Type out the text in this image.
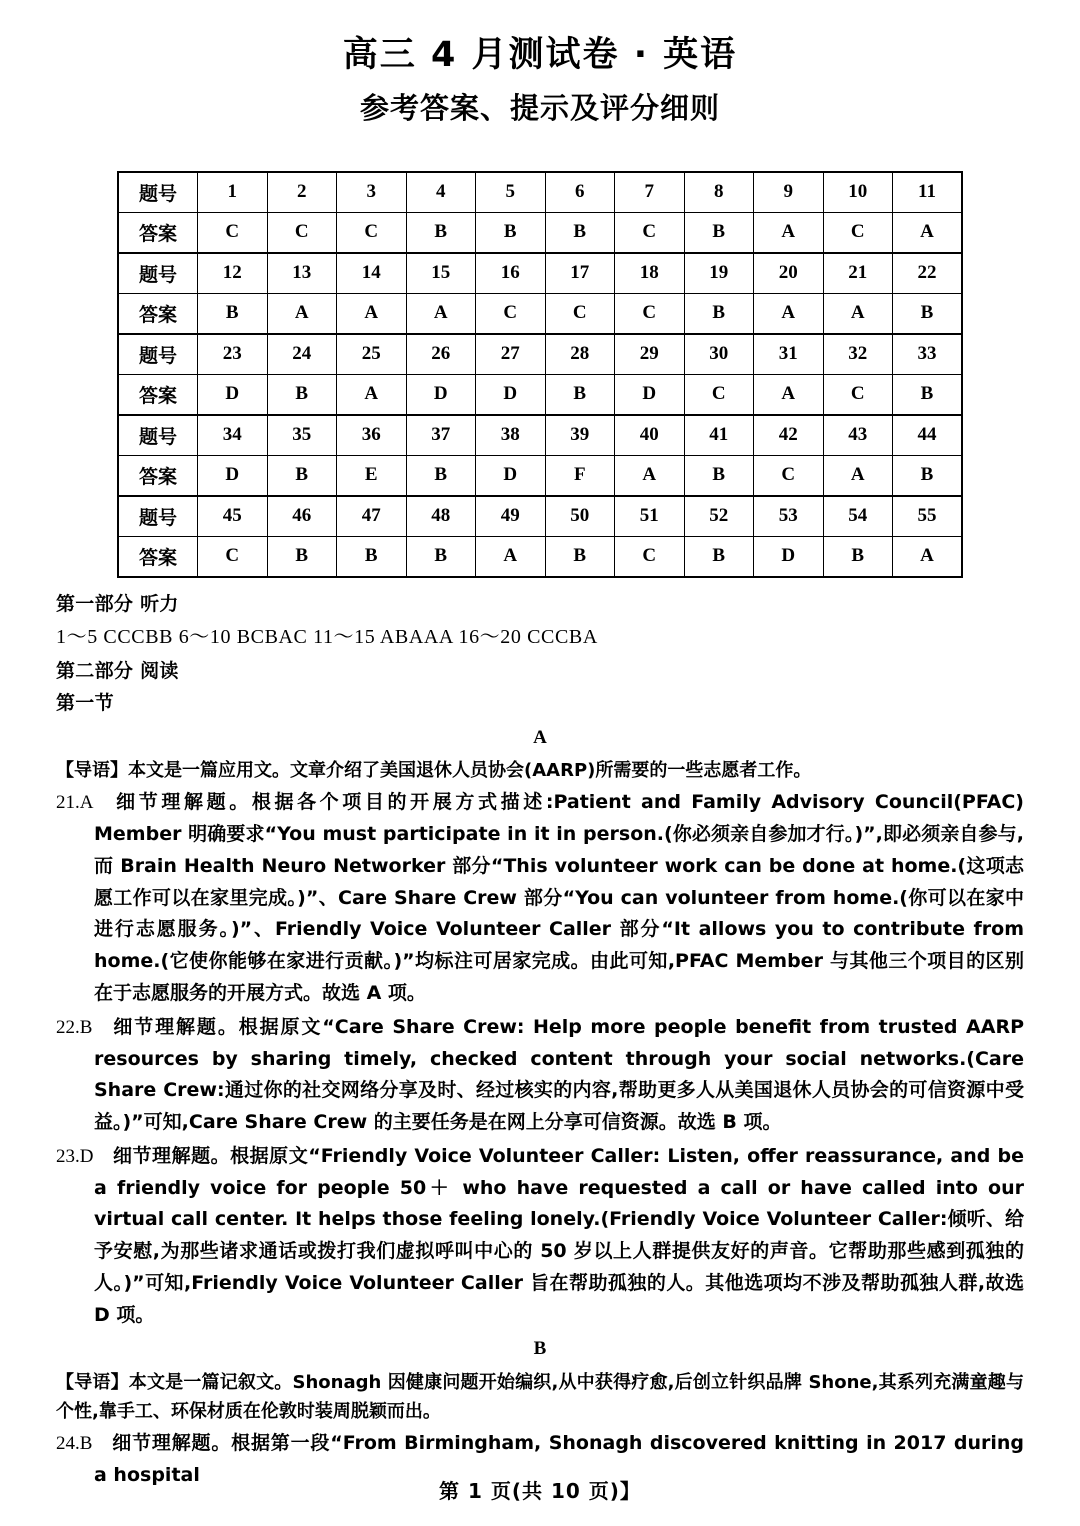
高三 4 月测试卷 · 英语
参考答案、提示及评分细则
题号	1	2	3	4	5	6	7	8	9	10	11
答案	C	C	C	B	B	B	C	B	A	C	A
题号	12	13	14	15	16	17	18	19	20	21	22
答案	B	A	A	A	C	C	C	B	A	A	B
题号	23	24	25	26	27	28	29	30	31	32	33
答案	D	B	A	D	D	B	D	C	A	C	B
题号	34	35	36	37	38	39	40	41	42	43	44
答案	D	B	E	B	D	F	A	B	C	A	B
题号	45	46	47	48	49	50	51	52	53	54	55
答案	C	B	B	B	A	B	C	B	D	B	A
第一部分 听力
1～5 CCCBB 6～10 BCBAC 11～15 ABAAA 16～20 CCCBA
第二部分 阅读
第一节
A
【导语】本文是一篇应用文。文章介绍了美国退休人员协会(AARP)所需要的一些志愿者工作。
21.A 细节理解题。根据各个项目的开展方式描述:Patient and Family Advisory Council(PFAC) Member 明确要求“You must participate in it in person.(你必须亲自参加才行。)”,即必须亲自参与,而 Brain Health Neuro Networker 部分“This volunteer work can be done at home.(这项志愿工作可以在家里完成。)”、Care Share Crew 部分“You can volunteer from home.(你可以在家中进行志愿服务。)”、Friendly Voice Volunteer Caller 部分“It allows you to contribute from home.(它使你能够在家进行贡献。)”均标注可居家完成。由此可知,PFAC Member 与其他三个项目的区别在于志愿服务的开展方式。故选 A 项。
22.B 细节理解题。根据原文“Care Share Crew: Help more people benefit from trusted AARP resources by sharing timely, checked content through your social networks.(Care Share Crew:通过你的社交网络分享及时、经过核实的内容,帮助更多人从美国退休人员协会的可信资源中受益。)”可知,Care Share Crew 的主要任务是在网上分享可信资源。故选 B 项。
23.D 细节理解题。根据原文“Friendly Voice Volunteer Caller: Listen, offer reassurance, and be a friendly voice for people 50＋ who have requested a call or have called into our virtual call center. It helps those feeling lonely.(Friendly Voice Volunteer Caller:倾听、给予安慰,为那些诸求通话或拨打我们虚拟呼叫中心的 50 岁以上人群提供友好的声音。它帮助那些感到孤独的人。)”可知,Friendly Voice Volunteer Caller 旨在帮助孤独的人。其他选项均不涉及帮助孤独人群,故选 D 项。
B
【导语】本文是一篇记叙文。Shonagh 因健康问题开始编织,从中获得疗愈,后创立针织品牌 Shone,其系列充满童趣与个性,靠手工、环保材质在伦敦时装周脱颖而出。
24.B 细节理解题。根据第一段“From Birmingham, Shonagh discovered knitting in 2017 during a hospital
第 1 页(共 10 页)】
